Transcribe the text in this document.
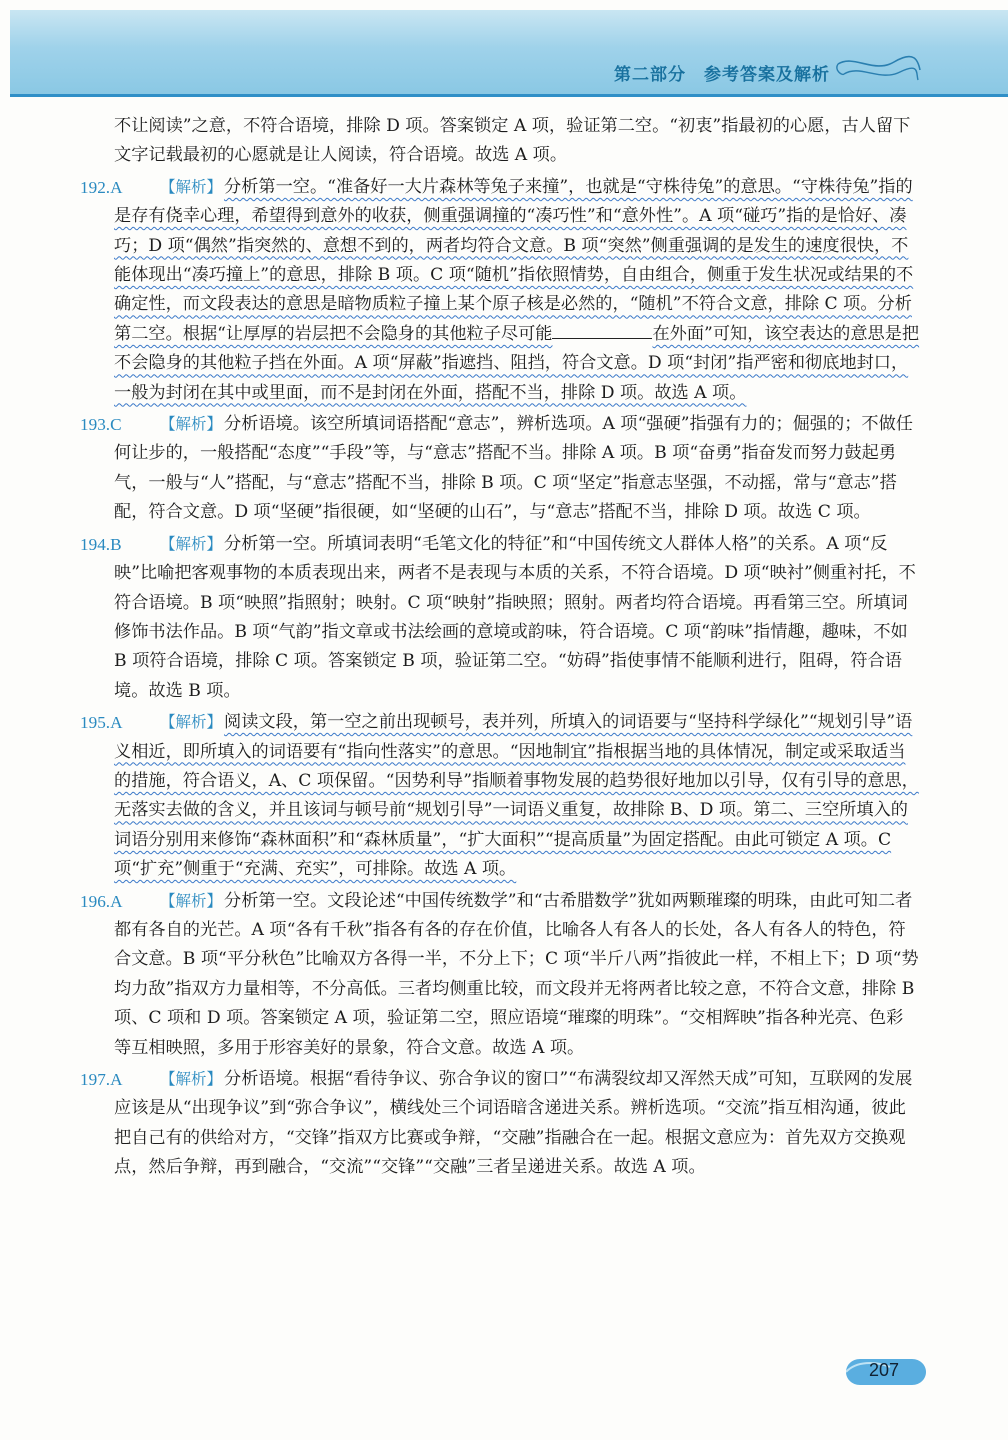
第二部分 参考答案及解析

不让阅读”之意，不符合语境，排除 D 项。答案锁定 A 项，验证第二空。“初衷”指最初的心愿，古人留下文字记载最初的心愿就是让人阅读，符合语境。故选 A 项。

192.A 【解析】 分析第一空。“准备好一大片森林等兔子来撞”，也就是“守株待兔”的意思。“守株待兔”指的是存有侥幸心理，希望得到意外的收获，侧重强调撞的“凑巧性”和“意外性”。A 项“碰巧”指的是恰好、凑巧；D 项“偶然”指突然的、意想不到的，两者均符合文意。B 项“突然”侧重强调的是发生的速度很快，不能体现出“凑巧撞上”的意思，排除 B 项。C 项“随机”指依照情势，自由组合，侧重于发生状况或结果的不确定性，而文段表达的意思是暗物质粒子撞上某个原子核是必然的，“随机”不符合文意，排除 C 项。分析第二空。根据“让厚厚的岩层把不会隐身的其他粒子尽可能	在外面”可知，该空表达的意思是把不会隐身的其他粒子挡在外面。A 项“屏蔽”指遮挡、阻挡，符合文意。D 项“封闭”指严密和彻底地封口，一般为封闭在其中或里面，而不是封闭在外面，搭配不当，排除 D 项。故选 A 项。
193.C 【解析】 分析语境。该空所填词语搭配“意志”，辨析选项。A 项“强硬”指强有力的；倔强的；不做任何让步的，一般搭配“态度”“手段”等，与“意志”搭配不当。排除 A 项。B 项“奋勇”指奋发而努力鼓起勇气，一般与“人”搭配，与“意志”搭配不当，排除 B 项。C 项“坚定”指意志坚强，不动摇，常与“意志”搭配，符合文意。D 项“坚硬”指很硬，如“坚硬的山石”，与“意志”搭配不当，排除 D 项。故选 C 项。
194.B 【解析】 分析第一空。所填词表明“毛笔文化的特征”和“中国传统文人群体人格”的关系。A 项“反映”比喻把客观事物的本质表现出来，两者不是表现与本质的关系，不符合语境。D 项“映衬”侧重衬托，不符合语境。B 项“映照”指照射；映射。C 项“映射”指映照；照射。两者均符合语境。再看第三空。所填词修饰书法作品。B 项“气韵”指文章或书法绘画的意境或韵味，符合语境。C 项“韵味”指情趣，趣味，不如 B 项符合语境，排除 C 项。答案锁定 B 项，验证第二空。“妨碍”指使事情不能顺利进行，阻碍，符合语境。故选 B 项。
195.A 【解析】 阅读文段，第一空之前出现顿号，表并列，所填入的词语要与“坚持科学绿化”“规划引导”语义相近，即所填入的词语要有“指向性落实”的意思。“因地制宜”指根据当地的具体情况，制定或采取适当的措施，符合语义，A、C 项保留。“因势利导”指顺着事物发展的趋势很好地加以引导，仅有引导的意思，无落实去做的含义，并且该词与顿号前“规划引导”一词语义重复，故排除 B、D 项。第二、三空所填入的词语分别用来修饰“森林面积”和“森林质量”，“扩大面积”“提高质量”为固定搭配。由此可锁定 A 项。C 项“扩充”侧重于“充满、充实”，可排除。故选 A 项。
196.A 【解析】 分析第一空。文段论述“中国传统数学”和“古希腊数学”犹如两颗璀璨的明珠，由此可知二者都有各自的光芒。A 项“各有千秋”指各有各的存在价值，比喻各人有各人的长处，各人有各人的特色，符合文意。B 项“平分秋色”比喻双方各得一半，不分上下；C 项“半斤八两”指彼此一样，不相上下；D 项“势均力敌”指双方力量相等，不分高低。三者均侧重比较，而文段并无将两者比较之意，不符合文意，排除 B 项、C 项和 D 项。答案锁定 A 项，验证第二空，照应语境“璀璨的明珠”。“交相辉映”指各种光亮、色彩等互相映照，多用于形容美好的景象，符合文意。故选 A 项。
197.A 【解析】 分析语境。根据“看待争议、弥合争议的窗口”“布满裂纹却又浑然天成”可知，互联网的发展应该是从“出现争议”到“弥合争议”，横线处三个词语暗含递进关系。辨析选项。“交流”指互相沟通，彼此把自己有的供给对方，“交锋”指双方比赛或争辩，“交融”指融合在一起。根据文意应为：首先双方交换观点，然后争辩，再到融合，“交流”“交锋”“交融”三者呈递进关系。故选 A 项。
207
